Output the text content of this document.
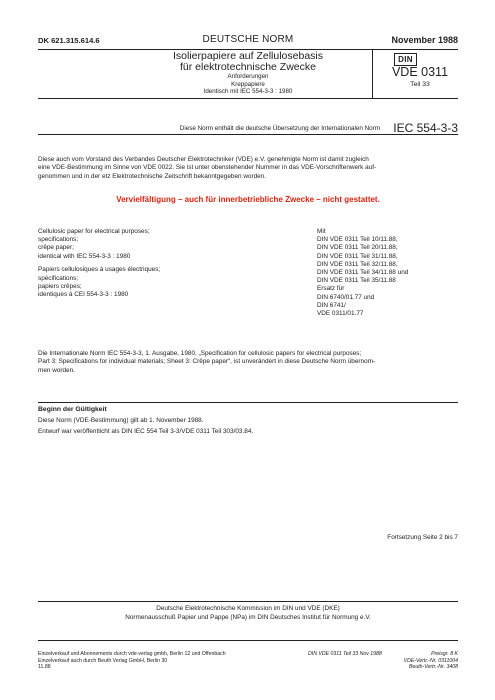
DK 621.315.614.6	DEUTSCHE NORM	November 1988
Isolierpapiere auf Zellulosebasis
für elektrotechnische Zwecke
Anforderungen
Kreppapiere
Identisch mit IEC 554-3-3 : 1980
DIN
VDE 0311
Teil 33
Diese Norm enthält die deutsche Übersetzung der Internationalen Norm IEC 554-3-3
Diese auch vom Vorstand des Verbandes Deutscher Elektrotechniker (VDE) e.V. genehmigte Norm ist damit zugleich
eine VDE-Bestimmung im Sinne von VDE 0022. Sie ist unter obenstehender Nummer in das VDE-Vorschriftenwerk auf-
genommen und in der etz Elektrotechnische Zeitschrift bekanntgegeben worden.
Vervielfältigung – auch für innerbetriebliche Zwecke – nicht gestattet.

Cellulosic paper for electrical purposes;
specifications;
crêpe paper;
identical with IEC 554-3-3 : 1980

Papiers cellulosiques à usages électriques;
spécifications;
papiers crêpes;
identiques à CEI 554-3-3 : 1980

Mit
DIN VDE 0311 Teil 10/11.88,
DIN VDE 0311 Teil 20/11.88,
DIN VDE 0311 Teil 31/11.88,
DIN VDE 0311 Teil 32/11.88,
DIN VDE 0311 Teil 34/11.88 und
DIN VDE 0311 Teil 35/11.88
Ersatz für
DIN 6740/01.77 und
DIN 6741/
VDE 0311/01.77
Die Internationale Norm IEC 554-3-3, 1. Ausgabe, 1980, „Specification for cellulosic papers for electrical purposes;
Part 3: Specifications for individual materials; Sheet 3: Crêpe paper“, ist unverändert in diese Deutsche Norm übernom-
men worden.
Beginn der Gültigkeit
Diese Norm (VDE-Bestimmung) gilt ab 1. November 1988.
Entwurf war veröffentlicht als DIN IEC 554 Teil 3-3/VDE 0311 Teil 303/03.84.
Fortsetzung Seite 2 bis 7
Deutsche Elektrotechnische Kommission im DIN und VDE (DKE)
Normenausschuß Papier und Pappe (NPa) im DIN Deutsches Institut für Normung e.V.
Einzelverkauf und Abonnements durch vde-verlag gmbh, Berlin 12 und Offenbach
Einzelverkauf auch durch Beuth Verlag GmbH, Berlin 30
11.88
DIN VDE 0311 Teil 33 Nov 1988	Preisgr. 8 K
VDE-Vertr.-Nr. 0311004
Beuth-Vertr.-Nr. 3408
